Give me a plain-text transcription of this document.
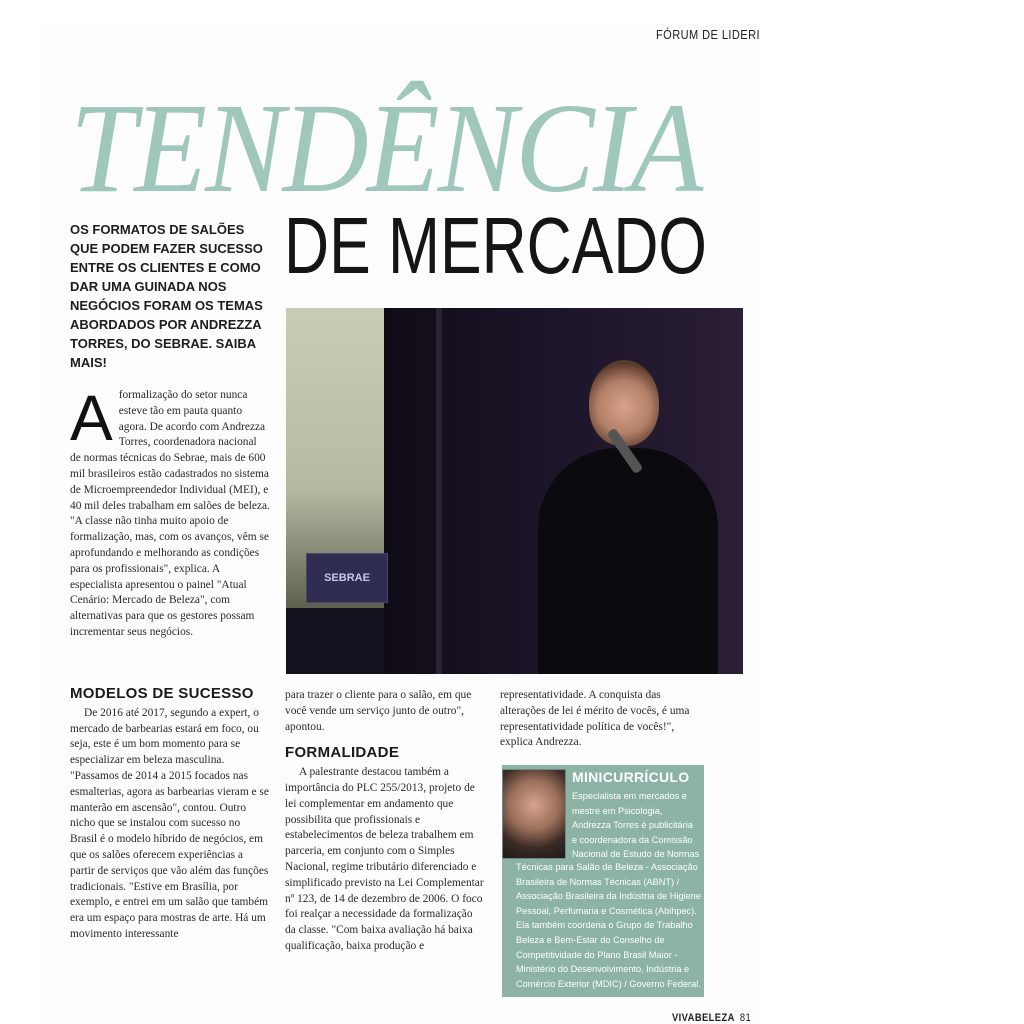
FÓRUM DE LIDERI
TENDÊNCIA
DE MERCADO
OS FORMATOS DE SALÕES QUE PODEM FAZER SUCESSO ENTRE OS CLIENTES E COMO DAR UMA GUINADA NOS NEGÓCIOS FORAM OS TEMAS ABORDADOS POR ANDREZZA TORRES, DO SEBRAE. SAIBA MAIS!
SEBRAE
A formalização do setor nunca esteve tão em pauta quanto agora. De acordo com Andrezza Torres, coordenadora nacional de normas técnicas do Sebrae, mais de 600 mil brasileiros estão cadastrados no sistema de Microempreendedor Individual (MEI), e 40 mil deles trabalham em salões de beleza. "A classe não tinha muito apoio de formalização, mas, com os avanços, vêm se aprofundando e melhorando as condições para os profissionais", explica. A especialista apresentou o painel "Atual Cenário: Mercado de Beleza", com alternativas para que os gestores possam incrementar seus negócios.
MODELOS DE SUCESSO

De 2016 até 2017, segundo a expert, o mercado de barbearias estará em foco, ou seja, este é um bom momento para se especializar em beleza masculina. "Passamos de 2014 a 2015 focados nas esmalterias, agora as barbearias vieram e se manterão em ascensão", contou. Outro nicho que se instalou com sucesso no Brasil é o modelo híbrido de negócios, em que os salões oferecem experiências a partir de serviços que vão além das funções tradicionais. "Estive em Brasília, por exemplo, e entrei em um salão que também era um espaço para mostras de arte. Há um movimento interessante

para trazer o cliente para o salão, em que você vende um serviço junto de outro", apontou.

FORMALIDADE

A palestrante destacou também a importância do PLC 255/2013, projeto de lei complementar em andamento que possibilita que profissionais e estabelecimentos de beleza trabalhem em parceria, em conjunto com o Simples Nacional, regime tributário diferenciado e simplificado previsto na Lei Complementar nº 123, de 14 de dezembro de 2006. O foco foi realçar a necessidade da formalização da classe. "Com baixa avaliação há baixa qualificação, baixa produção e

representatividade. A conquista das alterações de lei é mérito de vocês, é uma representatividade política de vocês!", explica Andrezza.

MINICURRÍCULO
Especialista em mercados e mestre em Psicologia, Andrezza Torres é publicitária e coordenadora da Comissão Nacional de Estudo de Normas
Técnicas para Salão de Beleza - Associação Brasileira de Normas Técnicas (ABNT) / Associação Brasileira da Indústria de Higiene Pessoal, Perfumaria e Cosmética (Abihpec). Ela também coordena o Grupo de Trabalho Beleza e Bem-Estar do Conselho de Competitividade do Plano Brasil Maior - Ministério do Desenvolvimento, Indústria e Comércio Exterior (MDIC) / Governo Federal.
VIVABELEZA 81
